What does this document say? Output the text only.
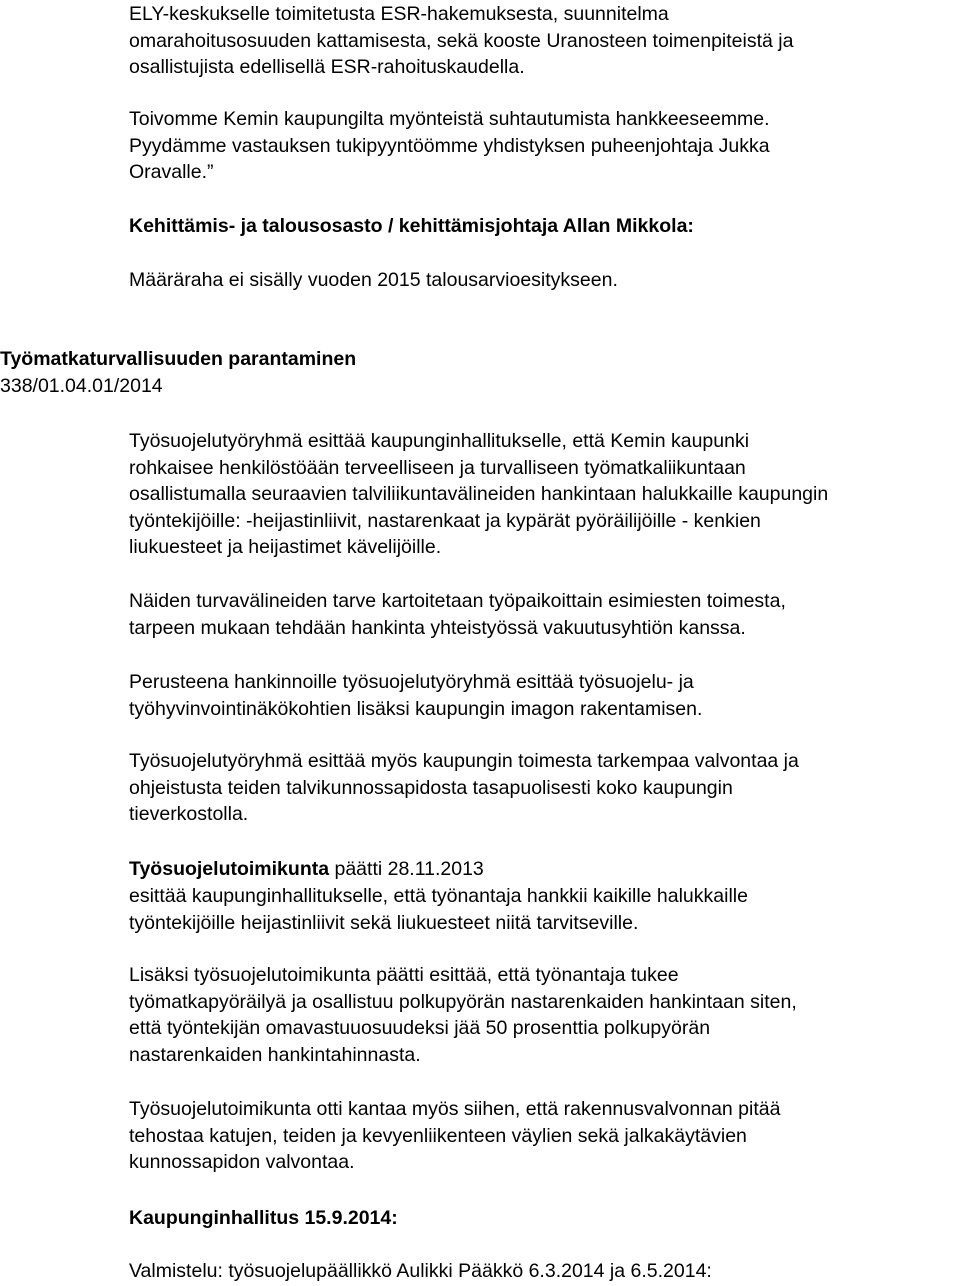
ELY-keskukselle toimitetusta ESR-hakemuksesta, suunnitelma
omarahoitusosuuden kattamisesta, sekä kooste Uranosteen toimenpiteistä ja
osallistujista edellisellä ESR-rahoituskaudella.

Toivomme Kemin kaupungilta myönteistä suhtautumista hankkeeseemme.
Pyydämme vastauksen tukipyyntöömme yhdistyksen puheenjohtaja Jukka
Oravalle.”

Kehittämis- ja talousosasto / kehittämisjohtaja Allan Mikkola:

Määräraha ei sisälly vuoden 2015 talousarvioesitykseen.

Työmatkaturvallisuuden parantaminen

338/01.04.01/2014

Työsuojelutyöryhmä esittää kaupunginhallitukselle, että Kemin kaupunki
rohkaisee henkilöstöään terveelliseen ja turvalliseen työmatkaliikuntaan
osallistumalla seuraavien talviliikuntavälineiden hankintaan halukkaille kaupungin
työntekijöille: -heijastinliivit, nastarenkaat ja kypärät pyöräilijöille - kenkien
liukuesteet ja heijastimet kävelijöille.

Näiden turvavälineiden tarve kartoitetaan työpaikoittain esimiesten toimesta,
tarpeen mukaan tehdään hankinta yhteistyössä vakuutusyhtiön kanssa.

Perusteena hankinnoille työsuojelutyöryhmä esittää työsuojelu- ja
työhyvinvointinäkökohtien lisäksi kaupungin imagon rakentamisen.

Työsuojelutyöryhmä esittää myös kaupungin toimesta tarkempaa valvontaa ja
ohjeistusta teiden talvikunnossapidosta tasapuolisesti koko kaupungin
tieverkostolla.

Työsuojelutoimikunta päätti 28.11.2013

esittää kaupunginhallitukselle, että työnantaja hankkii kaikille halukkaille
työntekijöille heijastinliivit sekä liukuesteet niitä tarvitseville.

Lisäksi työsuojelutoimikunta päätti esittää, että työnantaja tukee
työmatkapyöräilyä ja osallistuu polkupyörän nastarenkaiden hankintaan siten,
että työntekijän omavastuuosuudeksi jää 50 prosenttia polkupyörän
nastarenkaiden hankintahinnasta.

Työsuojelutoimikunta otti kantaa myös siihen, että rakennusvalvonnan pitää
tehostaa katujen, teiden ja kevyenliikenteen väylien sekä jalkakäytävien
kunnossapidon valvontaa.

Kaupunginhallitus 15.9.2014:

Valmistelu: työsuojelupäällikkö Aulikki Pääkkö 6.3.2014 ja 6.5.2014:
